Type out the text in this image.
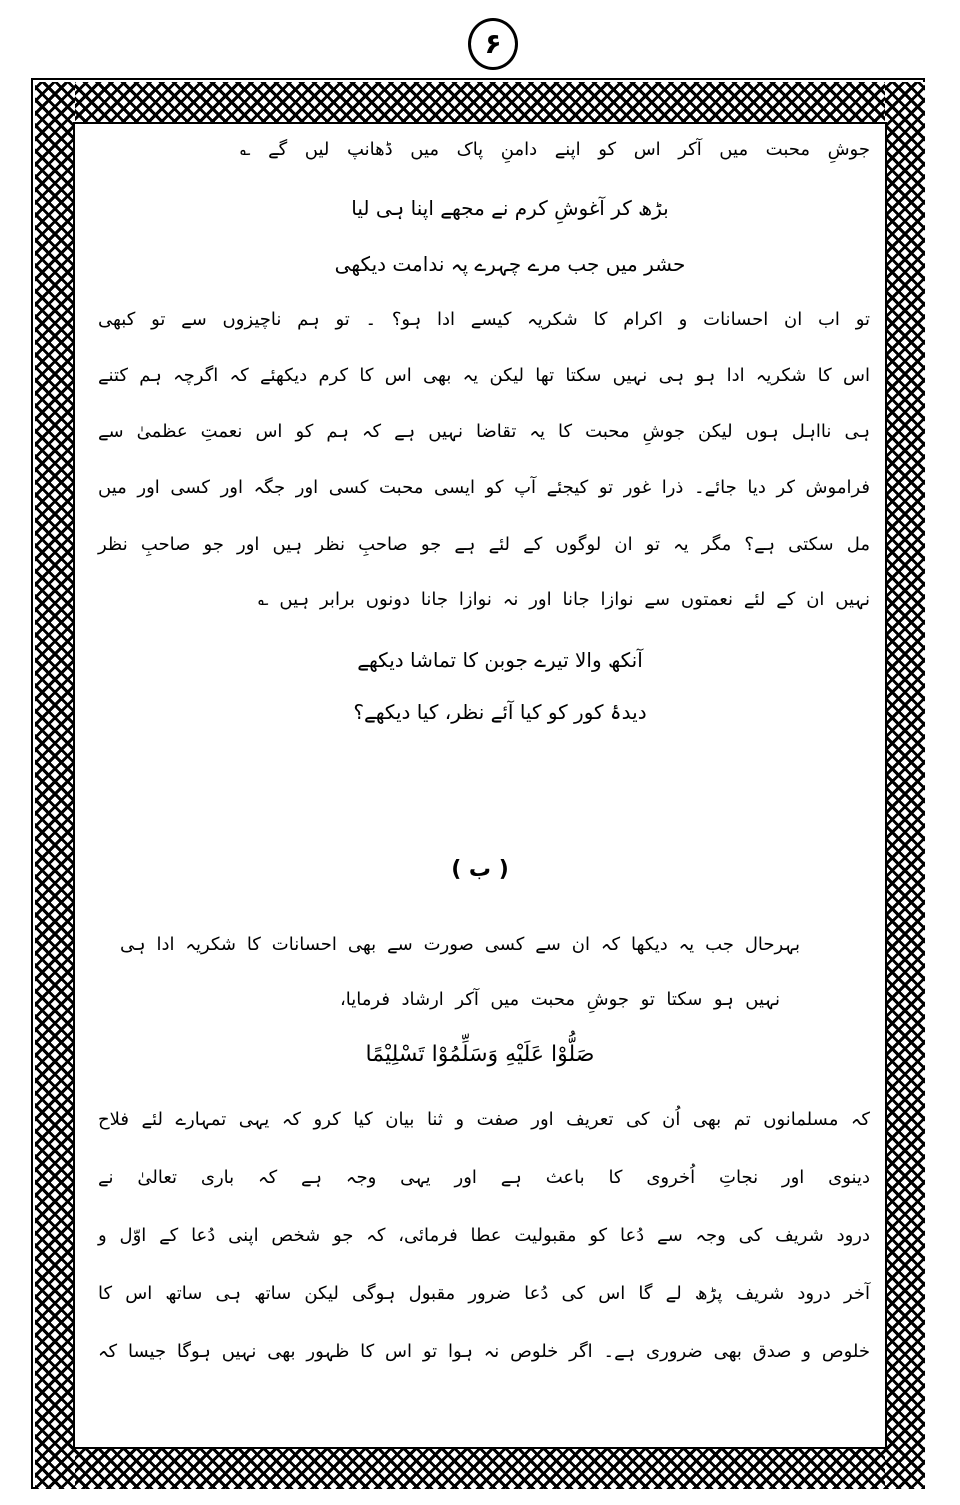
۶
جوشِ محبت میں آکر اس کو اپنے دامنِ پاک میں ڈھانپ لیں گے ؎
بڑھ کر آغوشِ کرم نے مجھے اپنا ہی لیا
حشر میں جب مرے چہرے پہ ندامت دیکھی
تو اب ان احسانات و اکرام کا شکریہ کیسے ادا ہو؟ ۔ تو ہم ناچیزوں سے تو کبھی
اس کا شکریہ ادا ہو ہی نہیں سکتا تھا لیکن یہ بھی اس کا کرم دیکھئے کہ اگرچہ ہم کتنے
ہی نااہل ہوں لیکن جوشِ محبت کا یہ تقاضا نہیں ہے کہ ہم کو اس نعمتِ عظمیٰ سے
فراموش کر دیا جائے۔ ذرا غور تو کیجئے آپ کو ایسی محبت کسی اور جگہ اور کسی اور میں
مل سکتی ہے؟ مگر یہ تو ان لوگوں کے لئے ہے جو صاحبِ نظر ہیں اور جو صاحبِ نظر
نہیں ان کے لئے نعمتوں سے نوازا جانا اور نہ نوازا جانا دونوں برابر ہیں ؎
آنکھ والا تیرے جوبن کا تماشا دیکھے
دیدۂ کور کو کیا آئے نظر، کیا دیکھے؟
( ب )
بہرحال جب یہ دیکھا کہ ان سے کسی صورت سے بھی احسانات کا شکریہ ادا ہی
نہیں ہو سکتا تو جوشِ محبت میں آکر ارشاد فرمایا،
صَلُّوْا عَلَيْهِ وَسَلِّمُوْا تَسْلِيْمًا
کہ مسلمانوں تم بھی اُن کی تعریف اور صفت و ثنا بیان کیا کرو کہ یہی تمہارے لئے فلاح
دینوی اور نجاتِ اُخروی کا باعث ہے اور یہی وجہ ہے کہ باری تعالیٰ نے
درود شریف کی وجہ سے دُعا کو مقبولیت عطا فرمائی، کہ جو شخص اپنی دُعا کے اوّل و
آخر درود شریف پڑھ لے گا اس کی دُعا ضرور مقبول ہوگی لیکن ساتھ ہی ساتھ اس کا
خلوص و صدق بھی ضروری ہے۔ اگر خلوص نہ ہوا تو اس کا ظہور بھی نہیں ہوگا جیسا کہ
